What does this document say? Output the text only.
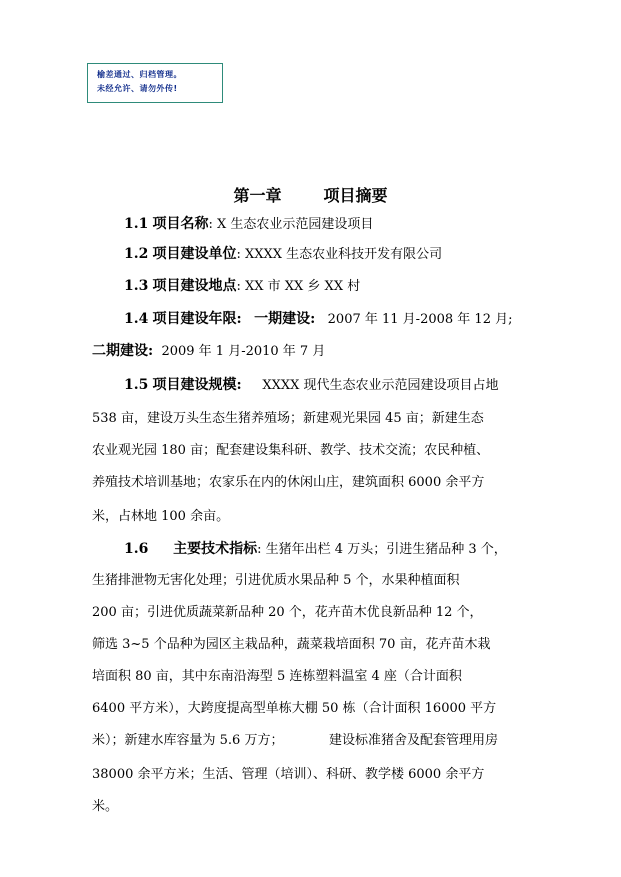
榆差通过、归档管理。
未经允许、请勿外传!
第一章	项目摘要
1.1 项目名称: X 生态农业示范园建设项目
1.2 项目建设单位: XXXX 生态农业科技开发有限公司
1.3 项目建设地点: XX 市 XX 乡 XX 村
1.4 项目建设年限: 一期建设: 2007 年 11 月-2008 年 12 月;
二期建设: 2009 年 1 月-2010 年 7 月
1.5 项目建设规模: XXXX 现代生态农业示范园建设项目占地
538 亩，建设万头生态生猪养殖场；新建观光果园 45 亩；新建生态
农业观光园 180 亩；配套建设集科研、教学、技术交流；农民种植、
养殖技术培训基地；农家乐在内的休闲山庄，建筑面积 6000 余平方
米，占林地 100 余亩。
1.6 主要技术指标: 生猪年出栏 4 万头；引进生猪品种 3 个，
生猪排泄物无害化处理；引进优质水果品种 5 个，水果种植面积
200 亩；引进优质蔬菜新品种 20 个，花卉苗木优良新品种 12 个，
筛选 3~5 个品种为园区主栽品种，蔬菜栽培面积 70 亩，花卉苗木栽
培面积 80 亩，其中东南沿海型 5 连栋塑料温室 4 座（合计面积
6400 平方米），大跨度提高型单栋大棚 50 栋（合计面积 16000 平方
米）；新建水库容量为 5.6 万方；	建设标准猪舍及配套管理用房
38000 余平方米；生活、管理（培训）、科研、教学楼 6000 余平方
米。
